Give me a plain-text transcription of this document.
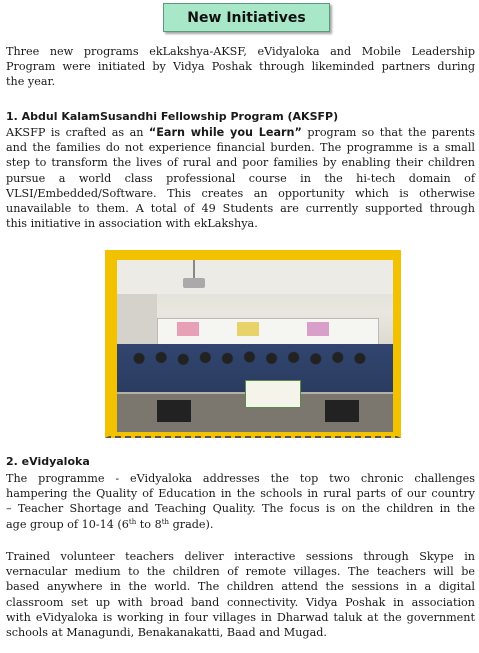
New Initiatives
Three new programs ekLakshya-AKSF, eVidyaloka and Mobile Leadership
Program were initiated by Vidya Poshak through likeminded partners during
the year.
1. Abdul KalamSusandhi Fellowship Program (AKSFP)
AKSFP is crafted as an “Earn while you Learn” program so that the parents
and the families do not experience financial burden. The programme is a small
step to transform the lives of rural and poor families by enabling their children
pursue a world class professional course in the hi-tech domain of
VLSI/Embedded/Software. This creates an opportunity which is otherwise
unavailable to them. A total of 49 Students are currently supported through
this initiative in association with ekLakshya.
2. eVidyaloka
The programme - eVidyaloka addresses the top two chronic challenges
hampering the Quality of Education in the schools in rural parts of our country
– Teacher Shortage and Teaching Quality. The focus is on the children in the
age group of 10-14 (6th to 8th grade).
Trained volunteer teachers deliver interactive sessions through Skype in
vernacular medium to the children of remote villages. The teachers will be
based anywhere in the world. The children attend the sessions in a digital
classroom set up with broad band connectivity. Vidya Poshak in association
with eVidyaloka is working in four villages in Dharwad taluk at the government
schools at Managundi, Benakanakatti, Baad and Mugad.
